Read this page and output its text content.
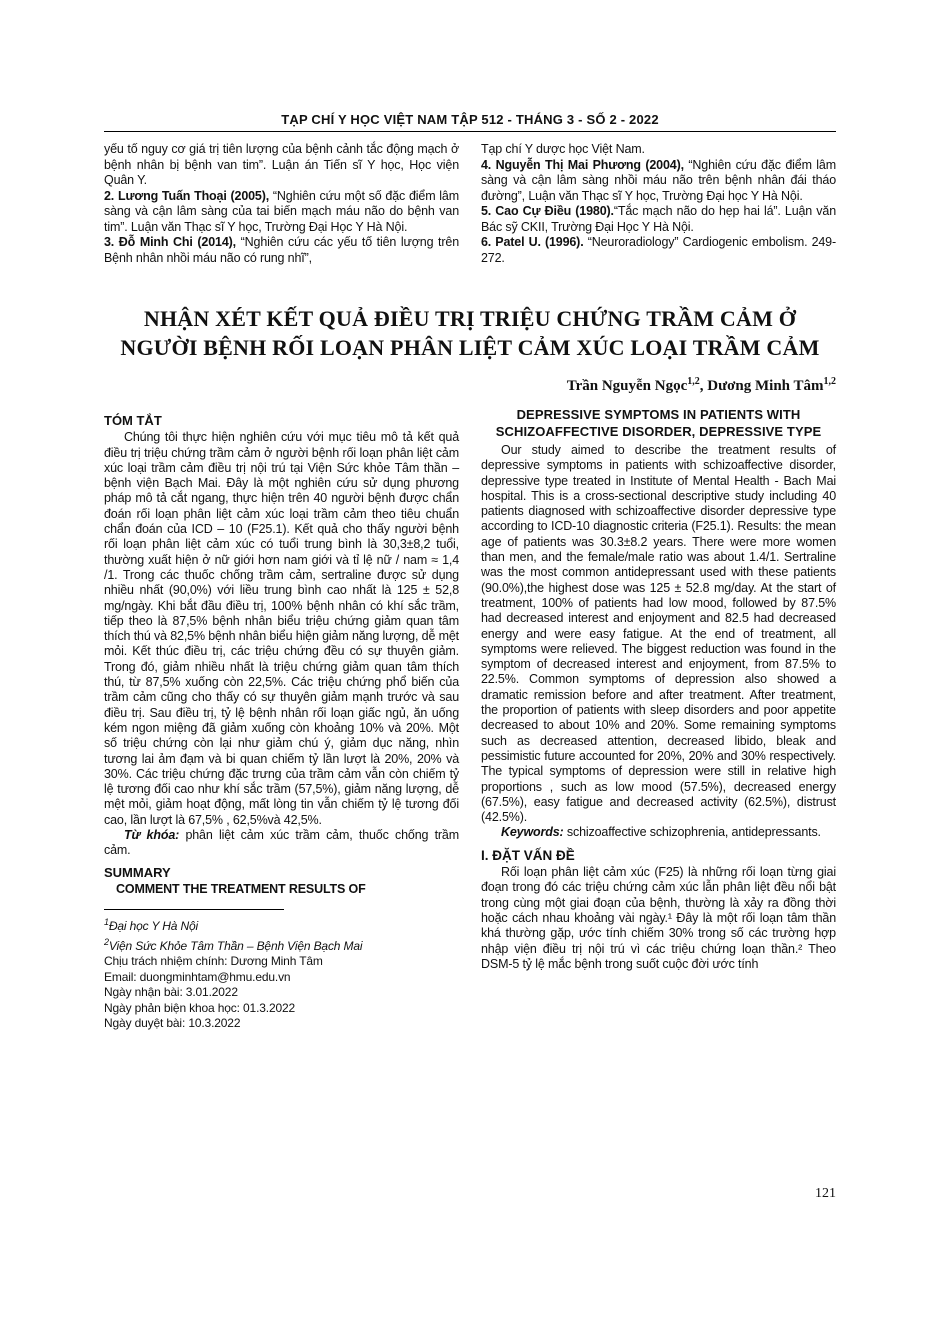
TẠP CHÍ Y HỌC VIỆT NAM TẬP 512 - THÁNG 3 - SỐ 2 - 2022

yếu tố nguy cơ giá trị tiên lượng của bệnh cảnh tắc động mạch ở bệnh nhân bị bệnh van tim”. Luận án Tiến sĩ Y học, Học viện Quân Y.

2. Lương Tuấn Thoại (2005), “Nghiên cứu một số đặc điểm lâm sàng và cận lâm sàng của tai biến mạch máu não do bệnh van tim”. Luận văn Thạc sĩ Y học, Trường Đại Học Y Hà Nội.

3. Đỗ Minh Chi (2014), “Nghiên cứu các yếu tố tiên lượng trên Bệnh nhân nhồi máu não có rung nhĩ”,

Tạp chí Y dược học Việt Nam.

4. Nguyễn Thị Mai Phương (2004), “Nghiên cứu đặc điểm lâm sàng và cận lâm sàng nhồi máu não trên bệnh nhân đái tháo đường”, Luận văn Thạc sĩ Y học, Trường Đại học Y Hà Nội.

5. Cao Cự Điều (1980).“Tắc mạch não do hẹp hai lá”. Luận văn Bác sỹ CKII, Trường Đại Học Y Hà Nội.

6. Patel U. (1996). “Neuroradiology” Cardiogenic embolism. 249-272.

NHẬN XÉT KẾT QUẢ ĐIỀU TRỊ TRIỆU CHỨNG TRẦM CẢM Ở
NGƯỜI BỆNH RỐI LOẠN PHÂN LIỆT CẢM XÚC LOẠI TRẦM CẢM
Trần Nguyễn Ngọc$^{1,2}$, Dương Minh Tâm$^{1,2}$
TÓM TẮT

Chúng tôi thực hiện nghiên cứu với mục tiêu mô tả kết quả điều trị triệu chứng trầm cảm ở người bệnh rối loạn phân liệt cảm xúc loại trầm cảm điều trị nội trú tại Viện Sức khỏe Tâm thần – bệnh viện Bạch Mai. Đây là một nghiên cứu sử dụng phương pháp mô tả cắt ngang, thực hiện trên 40 người bệnh được chẩn đoán rối loạn phân liệt cảm xúc loại trầm cảm theo tiêu chuẩn chẩn đoán của ICD – 10 (F25.1). Kết quả cho thấy người bệnh rối loạn phân liệt cảm xúc có tuổi trung bình là 30,3±8,2 tuổi, thường xuất hiện ở nữ giới hơn nam giới và tỉ lệ nữ / nam ≈ 1,4 /1. Trong các thuốc chống trầm cảm, sertraline được sử dụng nhiều nhất (90,0%) với liều trung bình cao nhất là 125 ± 52,8 mg/ngày. Khi bắt đầu điều trị, 100% bệnh nhân có khí sắc trầm, tiếp theo là 87,5% bệnh nhân biểu triệu chứng giảm quan tâm thích thú và 82,5% bệnh nhân biểu hiện giảm năng lượng, dễ mệt mỏi. Kết thúc điều trị, các triệu chứng đều có sự thuyên giảm. Trong đó, giảm nhiều nhất là triệu chứng giảm quan tâm thích thú, từ 87,5% xuống còn 22,5%. Các triệu chứng phổ biến của trầm cảm cũng cho thấy có sự thuyên giảm mạnh trước và sau điều trị. Sau điều trị, tỷ lệ bệnh nhân rối loạn giấc ngủ, ăn uống kém ngon miệng đã giảm xuống còn khoảng 10% và 20%. Một số triệu chứng còn lại như giảm chú ý, giảm dục năng, nhìn tương lai ảm đạm và bi quan chiếm tỷ lần lượt là 20%, 20% và 30%. Các triệu chứng đặc trưng của trầm cảm vẫn còn chiếm tỷ lệ tương đối cao như khí sắc trầm (57,5%), giảm năng lượng, dễ mệt mỏi, giảm hoạt động, mất lòng tin vẫn chiếm tỷ lệ tương đối cao, lần lượt là 67,5% , 62,5%và 42,5%.

Từ khóa: phân liệt cảm xúc trầm cảm, thuốc chống trầm cảm.

SUMMARY

COMMENT THE TREATMENT RESULTS OF

$^1$Đại học Y Hà Nội

$^2$Viện Sức Khỏe Tâm Thần – Bệnh Viện Bạch Mai

Chịu trách nhiệm chính: Dương Minh Tâm

Email: duongminhtam@hmu.edu.vn

Ngày nhận bài: 3.01.2022

Ngày phản biện khoa học: 01.3.2022

Ngày duyệt bài: 10.3.2022

DEPRESSIVE SYMPTOMS IN PATIENTS WITH SCHIZOAFFECTIVE DISORDER, DEPRESSIVE TYPE

Our study aimed to describe the treatment results of depressive symptoms in patients with schizoaffective disorder, depressive type treated in Institute of Mental Health - Bach Mai hospital. This is a cross-sectional descriptive study including 40 patients diagnosed with schizoaffective disorder depressive type according to ICD-10 diagnostic criteria (F25.1). Results: the mean age of patients was 30.3±8.2 years. There were more women than men, and the female/male ratio was about 1.4/1. Sertraline was the most common antidepressant used with these patients (90.0%),the highest dose was 125 ± 52.8 mg/day. At the start of treatment, 100% of patients had low mood, followed by 87.5% had decreased interest and enjoyment and 82.5 had decreased energy and were easy fatigue. At the end of treatment, all symptoms were relieved. The biggest reduction was found in the symptom of decreased interest and enjoyment, from 87.5% to 22.5%. Common symptoms of depression also showed a dramatic remission before and after treatment. After treatment, the proportion of patients with sleep disorders and poor appetite decreased to about 10% and 20%. Some remaining symptoms such as decreased attention, decreased libido, bleak and pessimistic future accounted for 20%, 20% and 30% respectively. The typical symptoms of depression were still in relative high proportions , such as low mood (57.5%), decreased energy (67.5%), easy fatigue and decreased activity (62.5%), distrust (42.5%).

Keywords: schizoaffective schizophrenia, antidepressants.

I. ĐẶT VẤN ĐỀ

Rối loạn phân liệt cảm xúc (F25) là những rối loạn từng giai đoạn trong đó các triệu chứng cảm xúc lẫn phân liệt đều nổi bật trong cùng một giai đoạn của bệnh, thường là xảy ra đồng thời hoặc cách nhau khoảng vài ngày.¹ Đây là một rối loạn tâm thần khá thường gặp, ước tính chiếm 30% trong số các trường hợp nhập viện điều trị nội trú vì các triệu chứng loạn thần.² Theo DSM-5 tỷ lệ mắc bệnh trong suốt cuộc đời ước tính

121
